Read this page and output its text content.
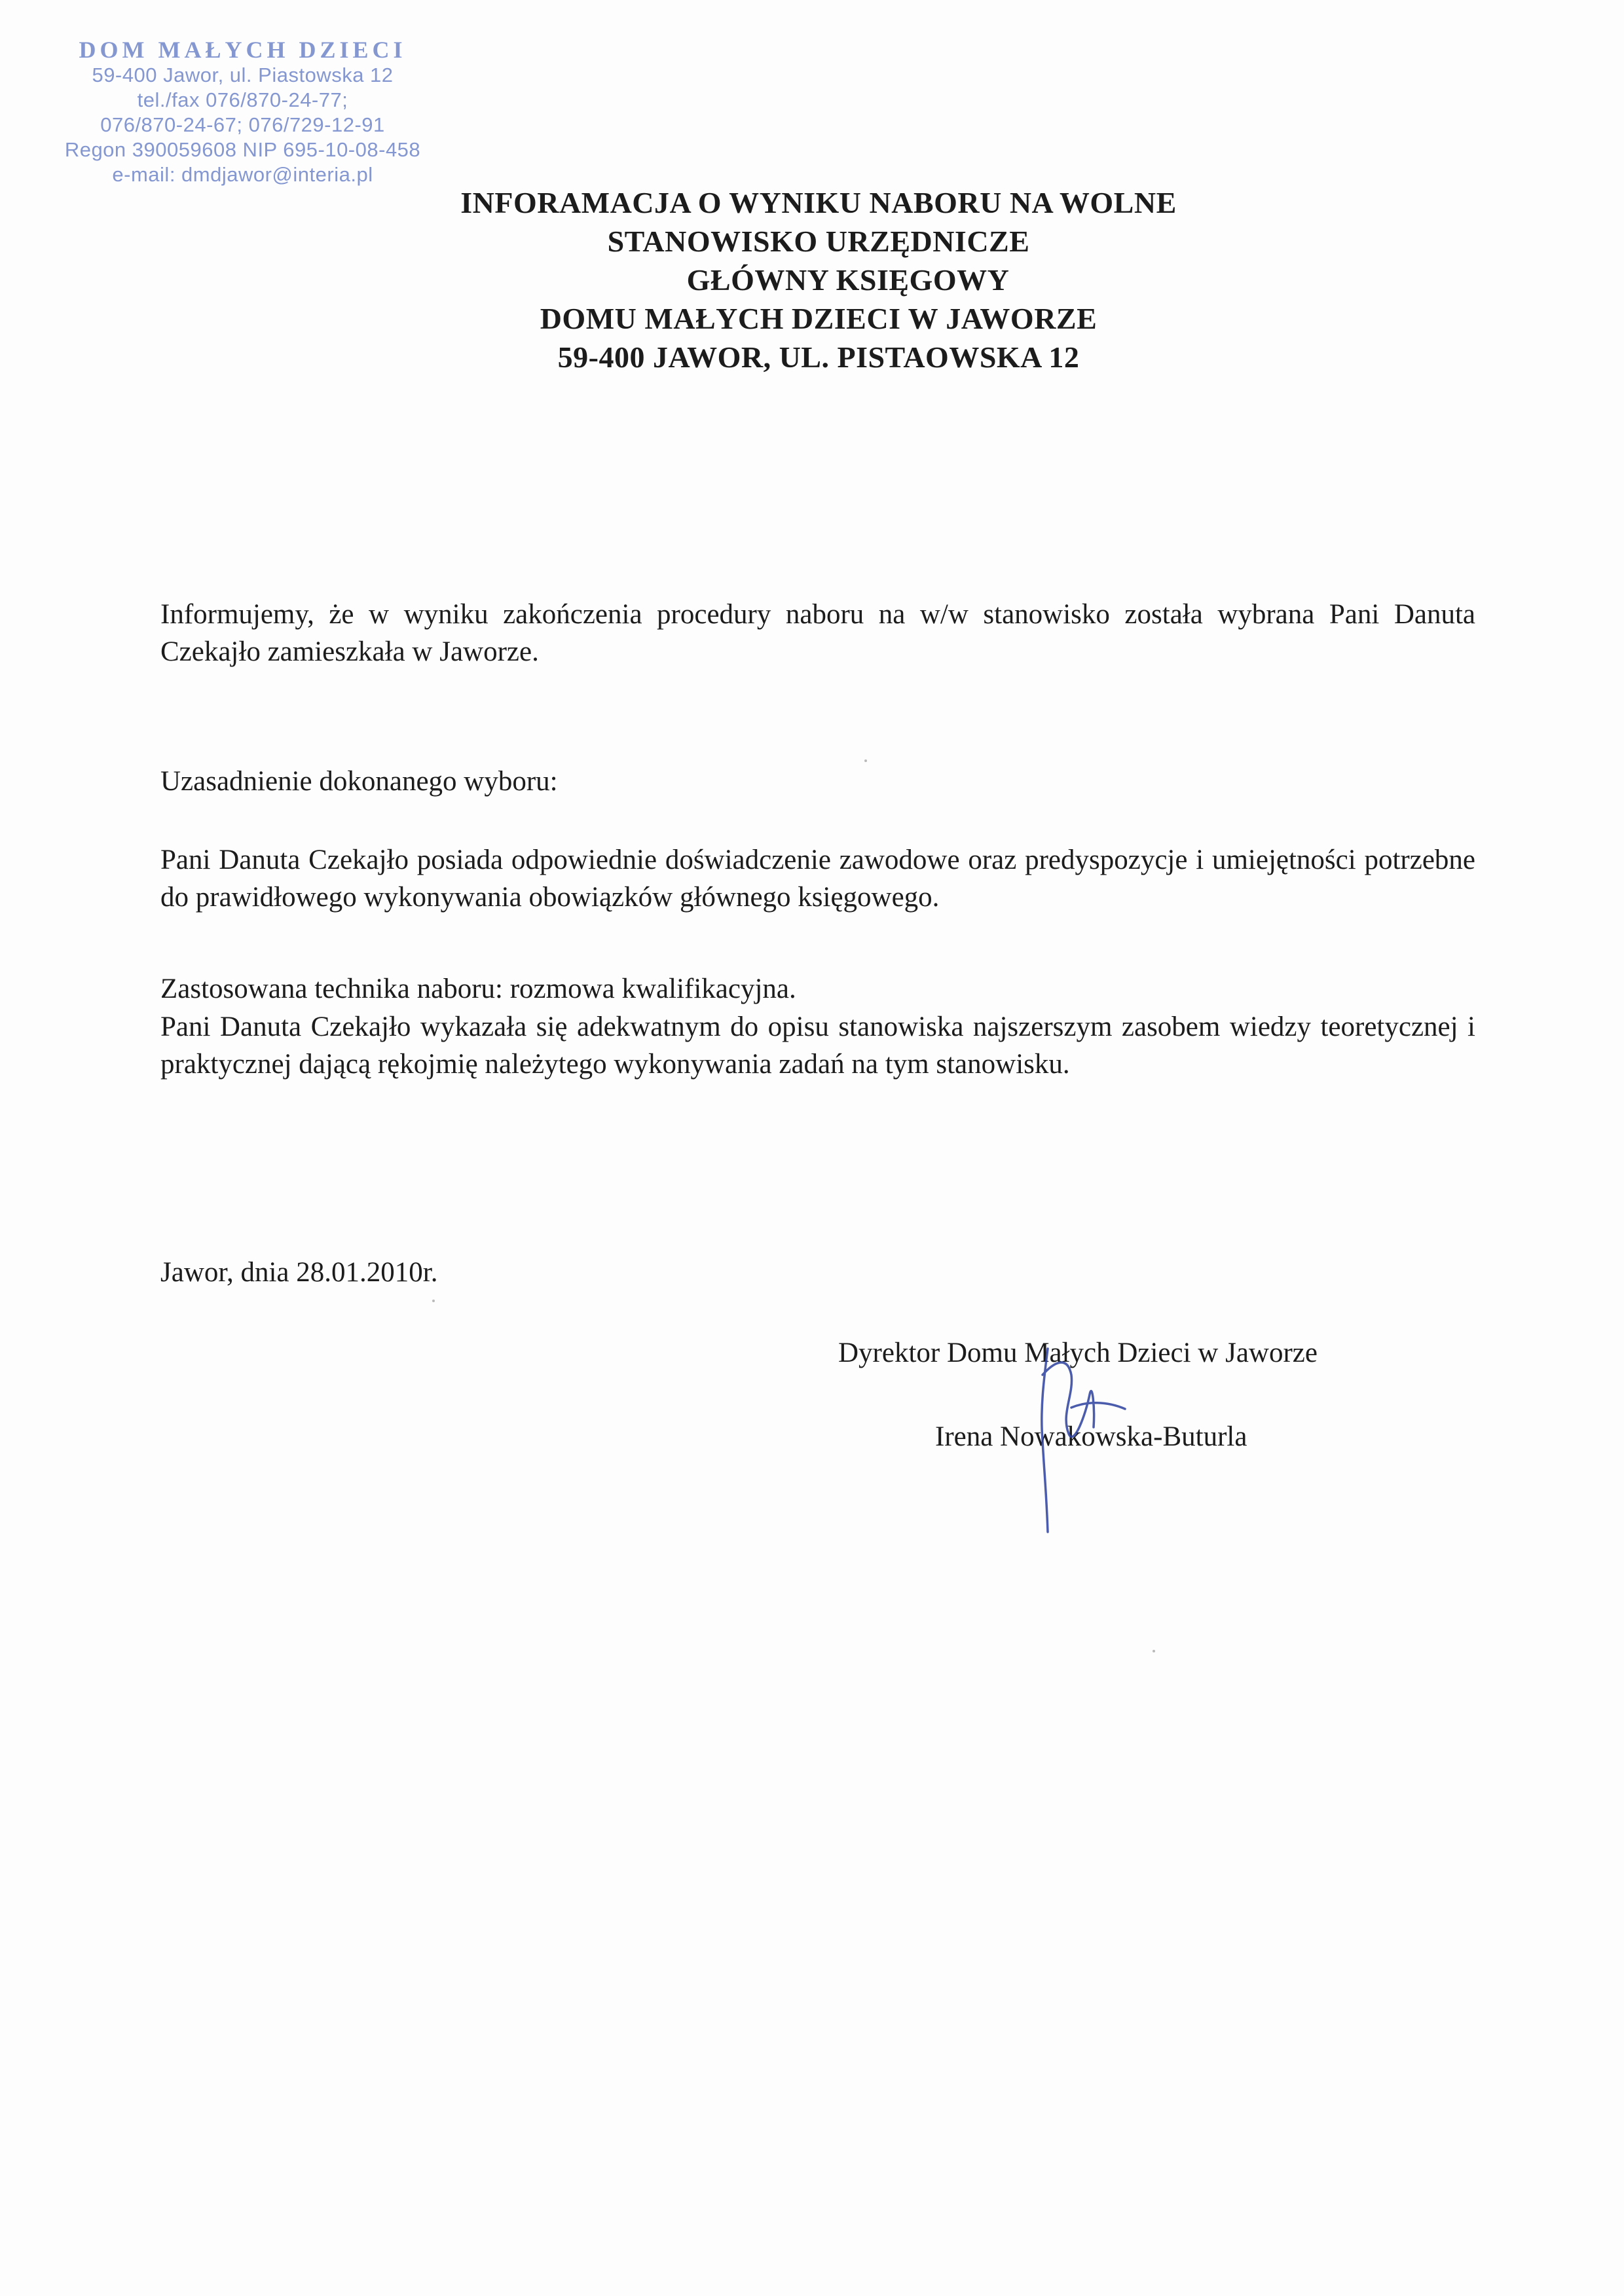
DOM MAŁYCH DZIECI
59-400 Jawor, ul. Piastowska 12
tel./fax 076/870-24-77;
076/870-24-67; 076/729-12-91
Regon 390059608 NIP 695-10-08-458
e-mail: dmdjawor@interia.pl
INFORAMACJA O WYNIKU NABORU NA WOLNE
STANOWISKO URZĘDNICZE
GŁÓWNY KSIĘGOWY
DOMU MAŁYCH DZIECI W JAWORZE
59-400 JAWOR, UL. PISTAOWSKA 12

Informujemy, że w wyniku zakończenia procedury naboru na w/w stanowisko została wybrana Pani Danuta Czekajło zamieszkała w Jaworze.

Uzasadnienie dokonanego wyboru:

Pani Danuta Czekajło posiada odpowiednie doświadczenie zawodowe oraz predyspozycje i umiejętności potrzebne do prawidłowego wykonywania obowiązków głównego księgowego.

Zastosowana technika naboru: rozmowa kwalifikacyjna.

Pani Danuta Czekajło wykazała się adekwatnym do opisu stanowiska najszerszym zasobem wiedzy teoretycznej i praktycznej dającą rękojmię należytego wykonywania zadań na tym stanowisku.

Jawor, dnia 28.01.2010r.

Dyrektor Domu Małych Dzieci w Jaworze
Irena Nowakowska-Buturla
